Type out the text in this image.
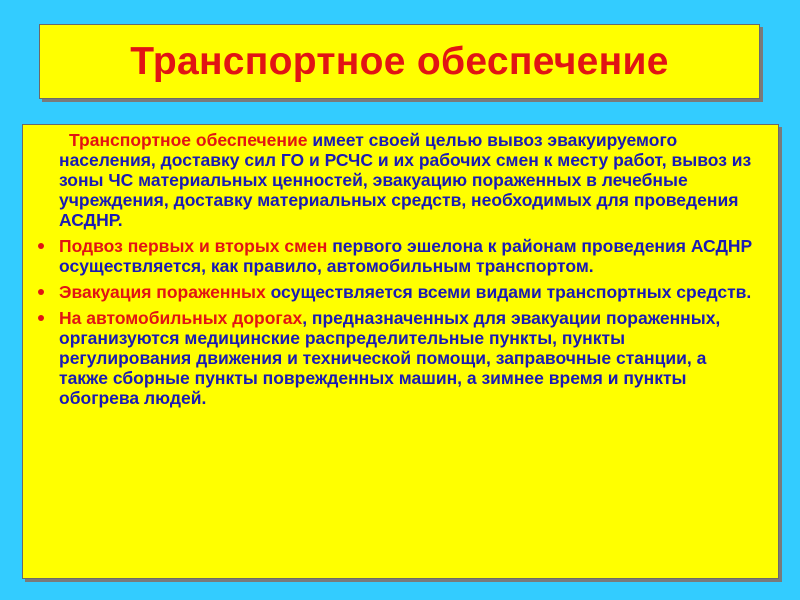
Транспортное обеспечение

Транспортное обеспечение имеет своей целью вывоз эвакуируемого населения, доставку сил ГО и РСЧС и их рабочих смен к месту работ, вывоз из зоны ЧС материальных ценностей, эвакуацию пораженных в лечебные учреждения, доставку материальных средств, необходимых для проведения АСДНР.

Подвоз первых и вторых смен первого эшелона к районам проведения АСДНР осуществляется, как правило, автомобильным транспортом.

Эвакуация пораженных осуществляется всеми видами транспортных средств.

На автомобильных дорогах, предназначенных для эвакуации пораженных, организуются медицинские распределительные пункты, пункты регулирования движения и технической помощи, заправочные станции, а также сборные пункты поврежденных машин, а зимнее время и пункты обогрева людей.
